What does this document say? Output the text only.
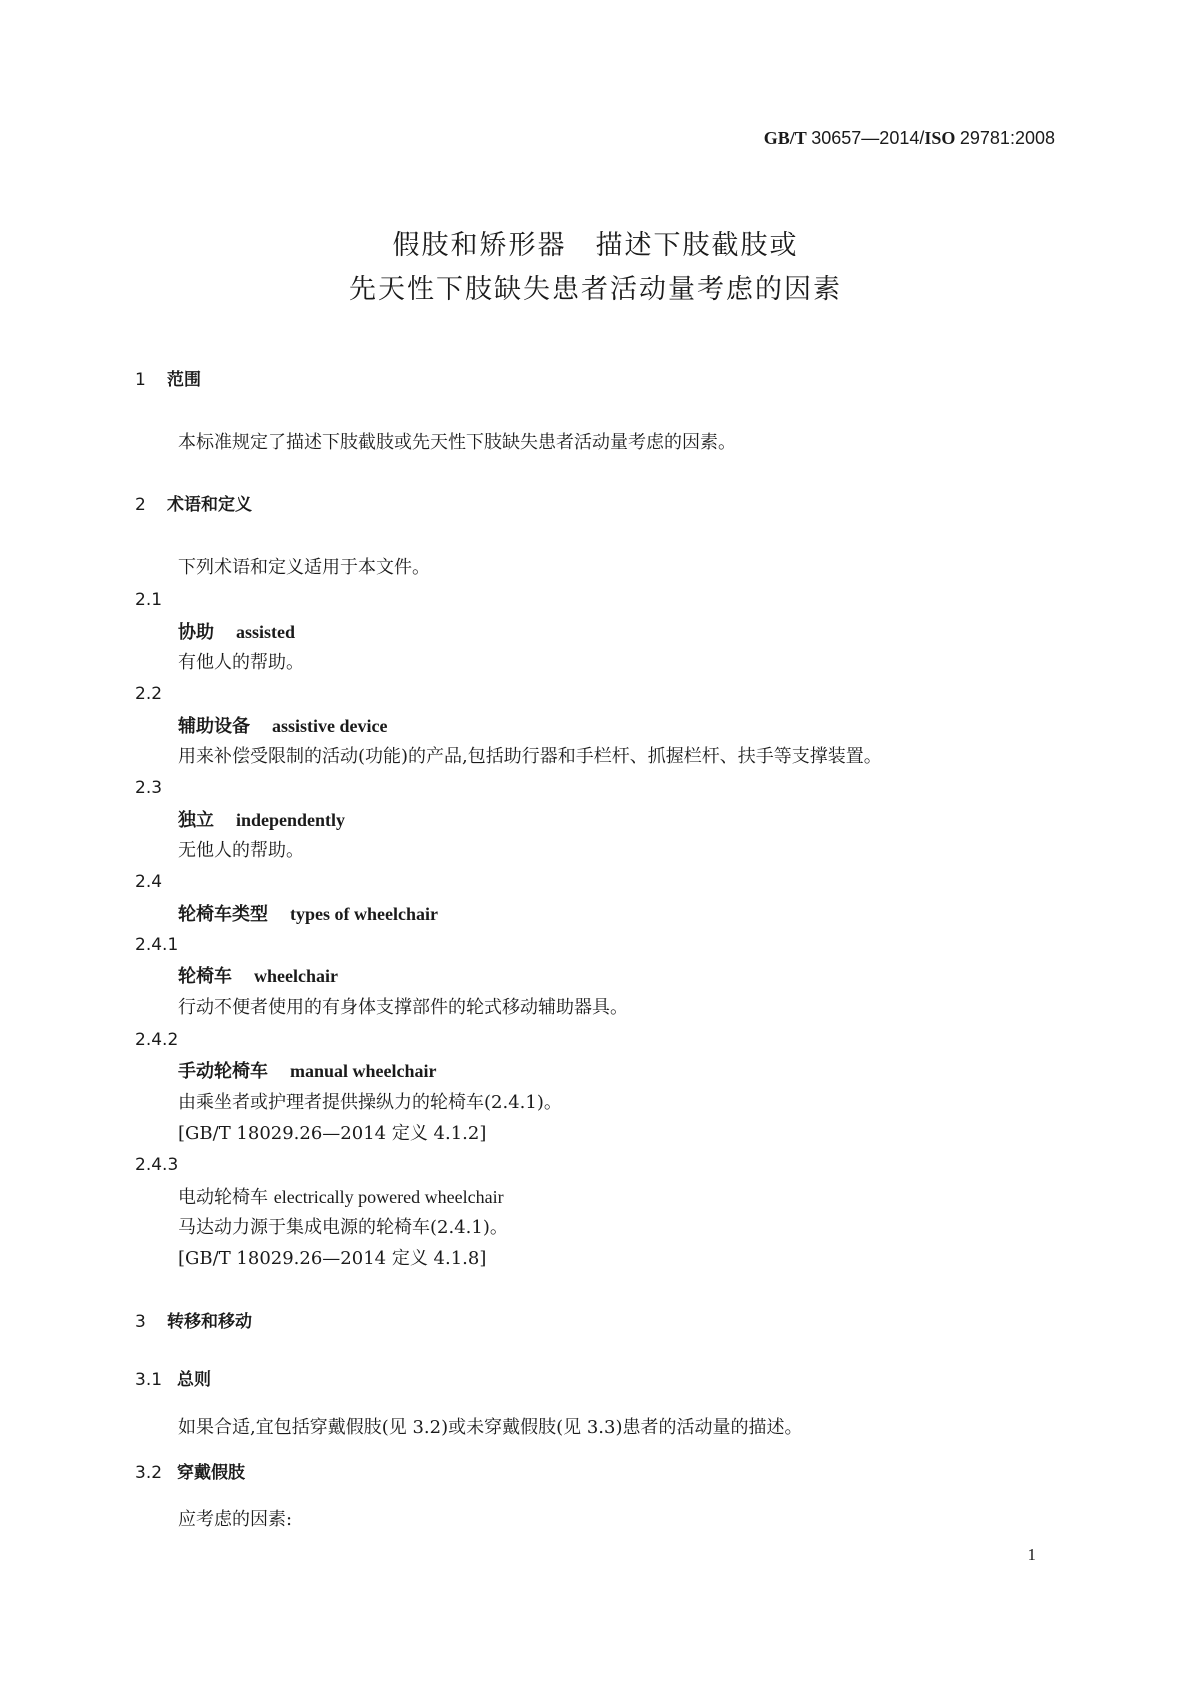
GB/T 30657—2014/ISO 29781:2008
假肢和矫形器　描述下肢截肢或
先天性下肢缺失患者活动量考虑的因素
1 范围
本标准规定了描述下肢截肢或先天性下肢缺失患者活动量考虑的因素。
2 术语和定义
下列术语和定义适用于本文件。
2.1
协助 assisted
有他人的帮助。
2.2
辅助设备 assistive device
用来补偿受限制的活动(功能)的产品,包括助行器和手栏杆、抓握栏杆、扶手等支撑装置。
2.3
独立 independently
无他人的帮助。
2.4
轮椅车类型 types of wheelchair
2.4.1
轮椅车 wheelchair
行动不便者使用的有身体支撑部件的轮式移动辅助器具。
2.4.2
手动轮椅车 manual wheelchair
由乘坐者或护理者提供操纵力的轮椅车(2.4.1)。
[GB/T 18029.26—2014 定义 4.1.2]
2.4.3
电动轮椅车 electrically powered wheelchair
马达动力源于集成电源的轮椅车(2.4.1)。
[GB/T 18029.26—2014 定义 4.1.8]
3 转移和移动
3.1 总则
如果合适,宜包括穿戴假肢(见 3.2)或未穿戴假肢(见 3.3)患者的活动量的描述。
3.2 穿戴假肢
应考虑的因素:
1
